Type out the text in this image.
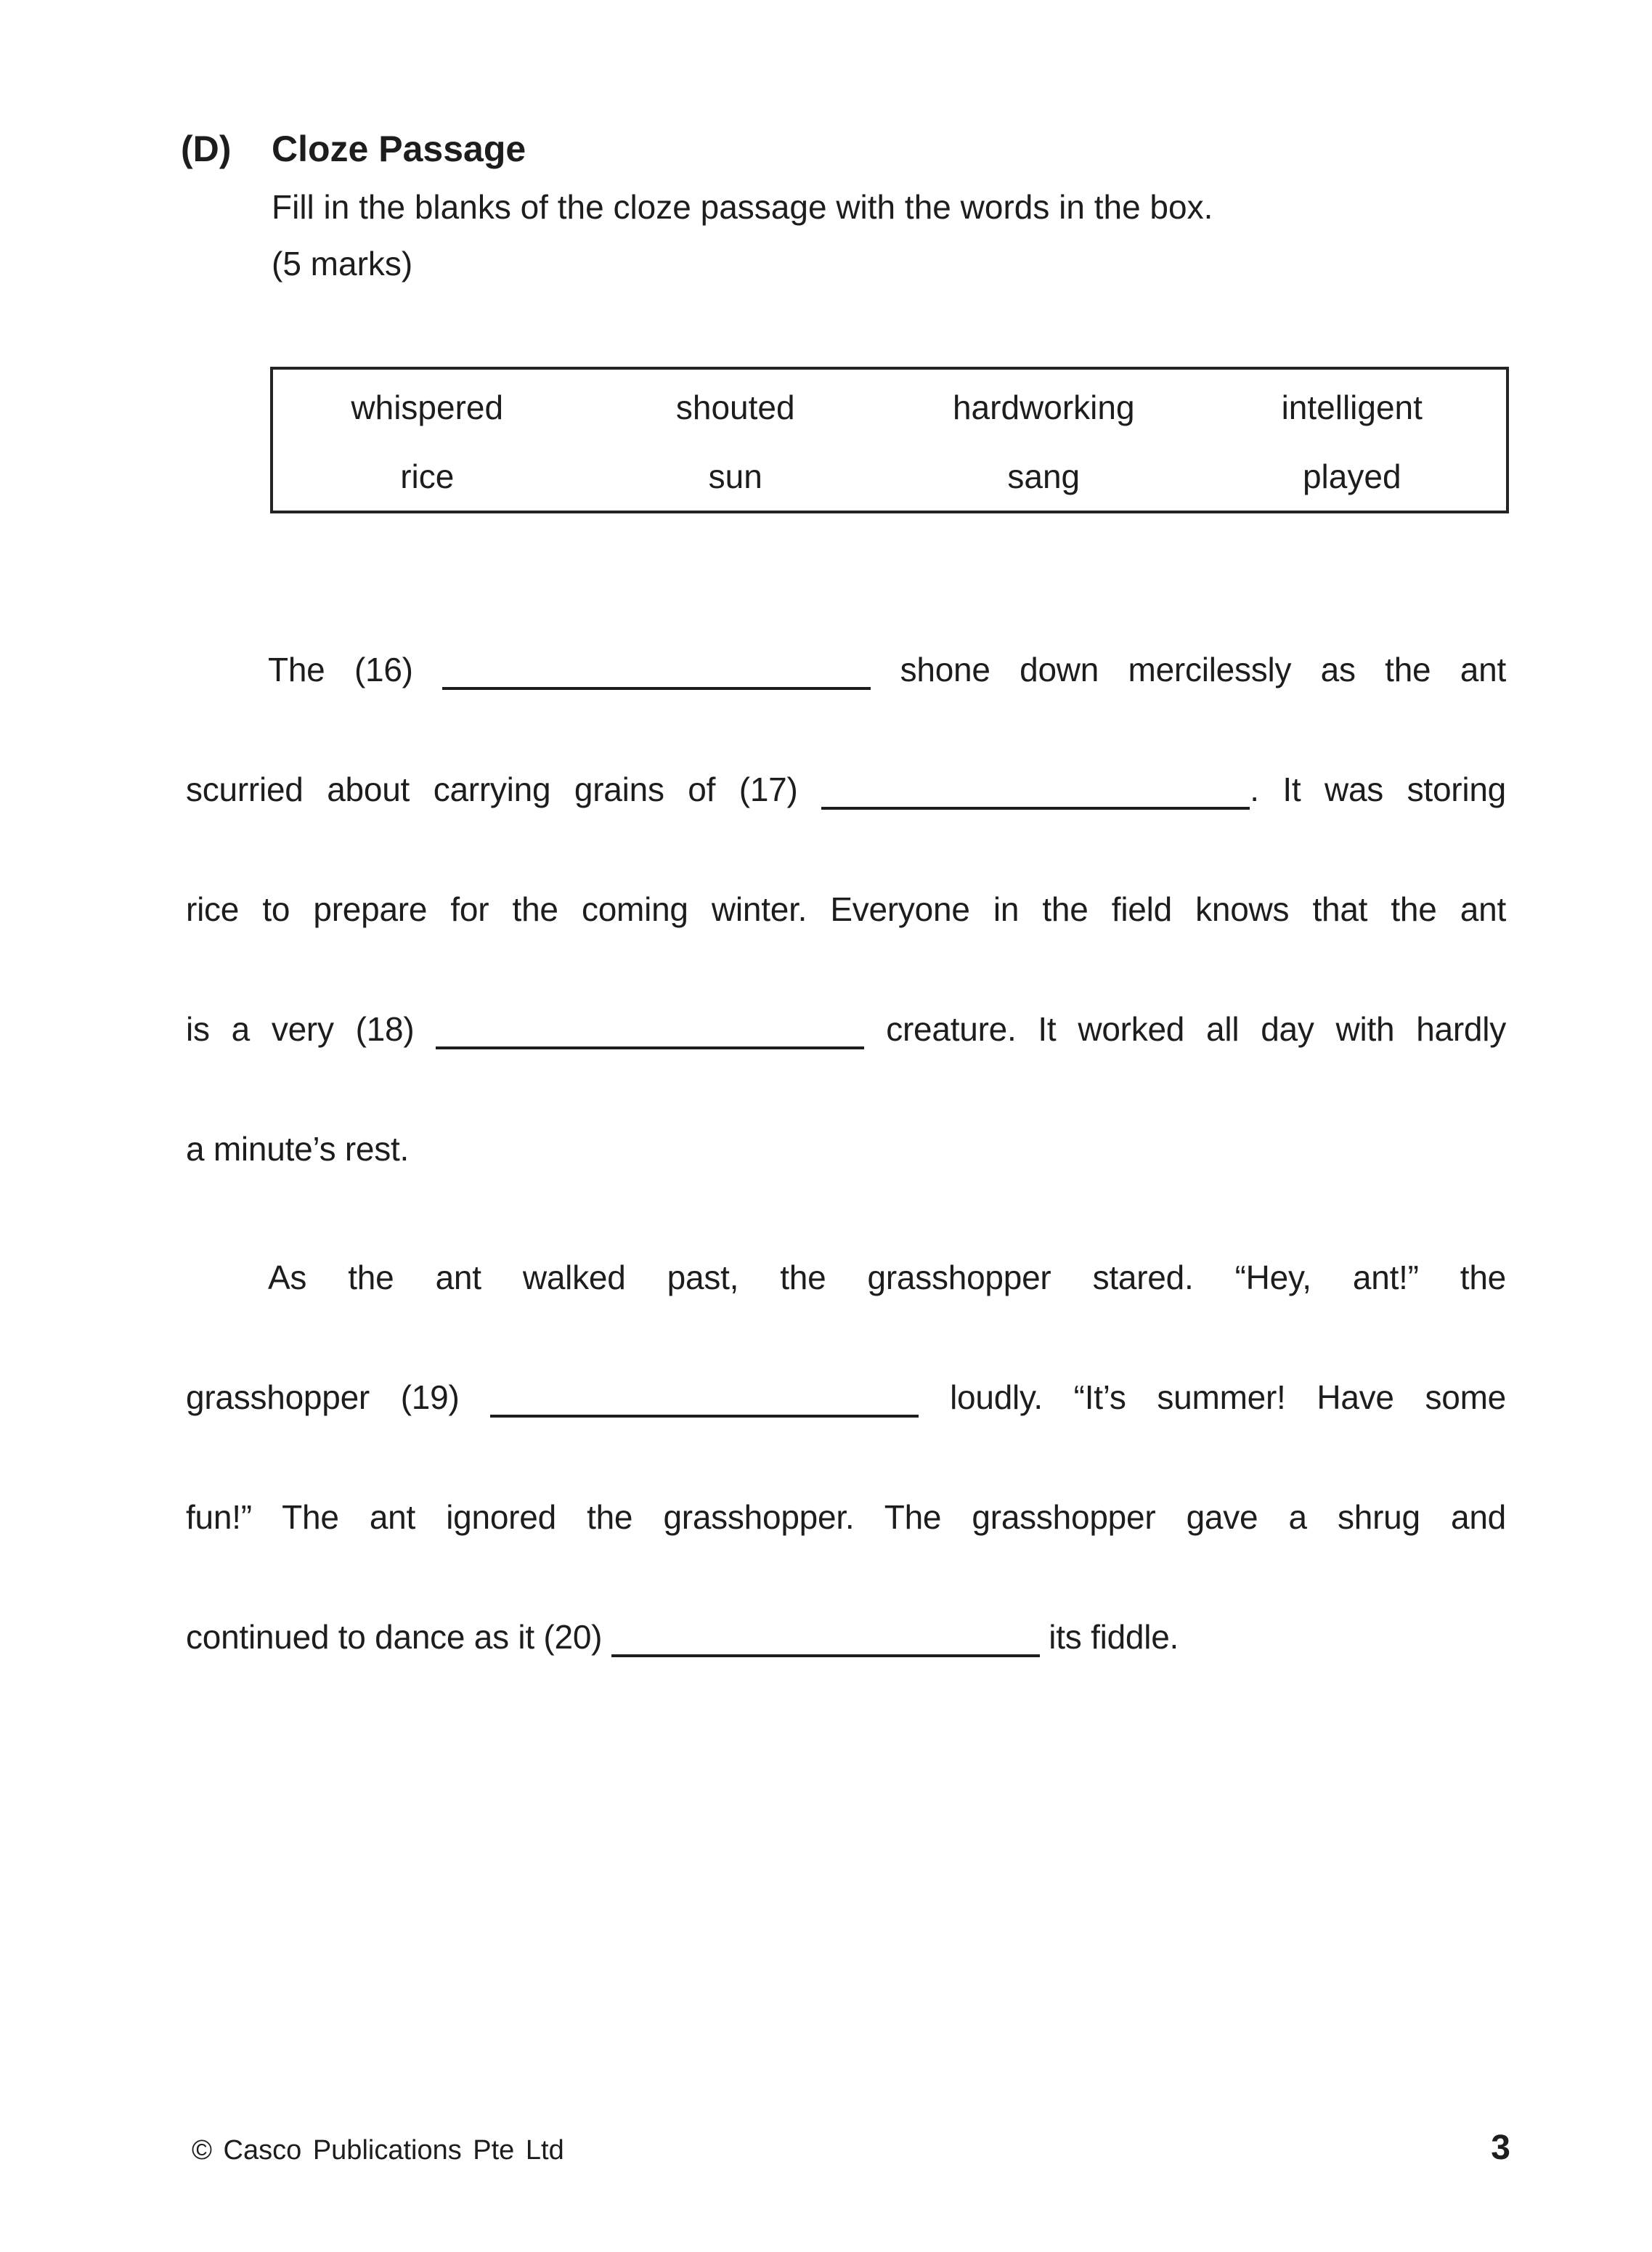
(D) Cloze Passage
Fill in the blanks of the cloze passage with the words in the box.
(5 marks)
whispered	shouted	hardworking	intelligent
rice	sun	sang	played
The (16)	shone down mercilessly as the ant
scurried about carrying grains of (17)	. It was storing
rice to prepare for the coming winter. Everyone in the field knows that the ant
is a very (18)	creature. It worked all day with hardly
a minute’s rest.
As the ant walked past, the grasshopper stared. “Hey, ant!” the
grasshopper (19)	loudly. “It’s summer! Have some
fun!” The ant ignored the grasshopper. The grasshopper gave a shrug and
continued to dance as it (20)	its fiddle.
© Casco Publications Pte Ltd	3
